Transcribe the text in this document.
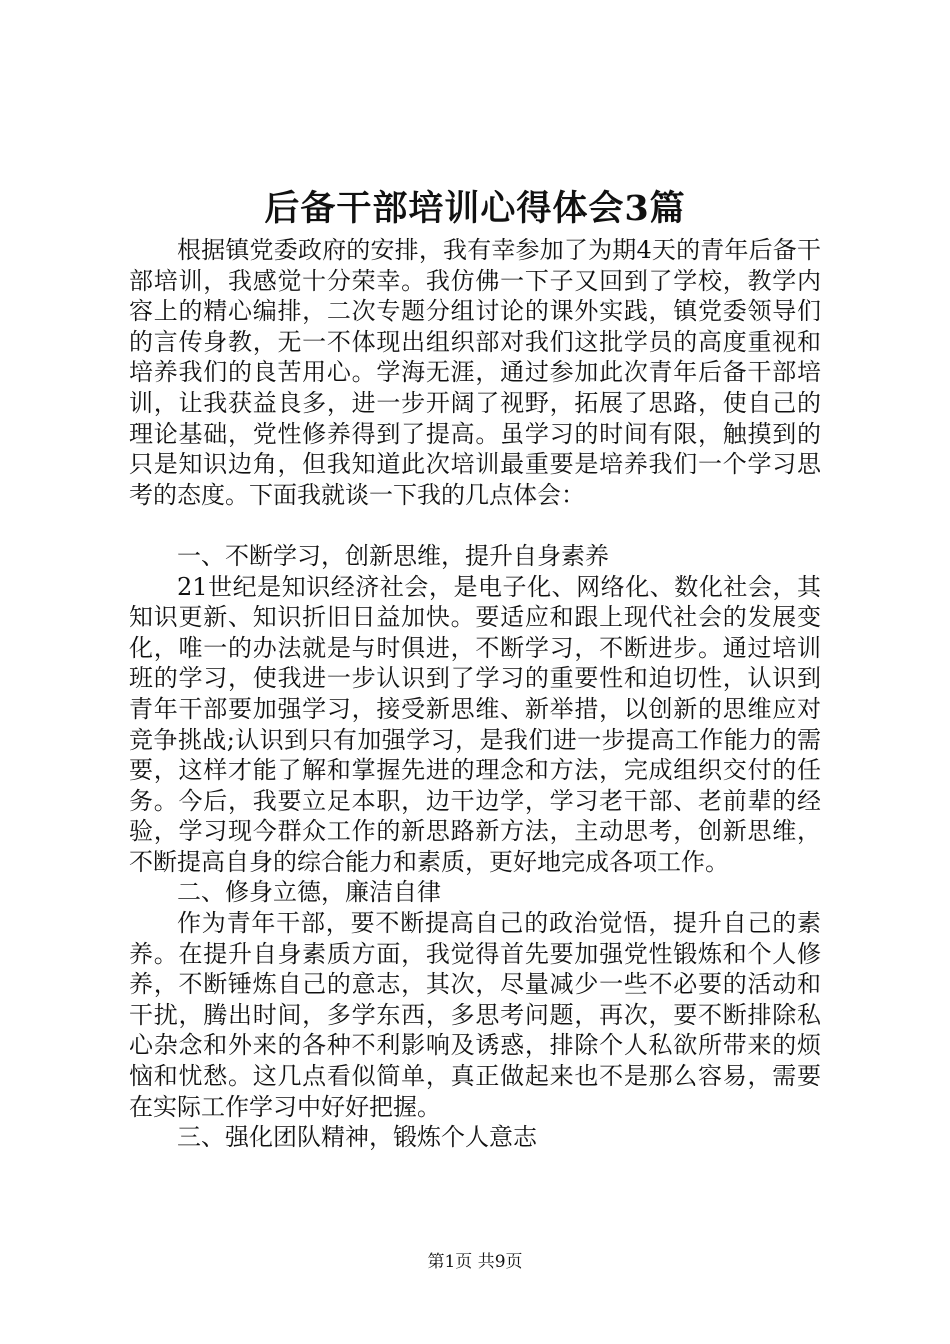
后备干部培训心得体会3篇

根据镇党委政府的安排，我有幸参加了为期4天的青年后备干部培训，我感觉十分荣幸。我仿佛一下子又回到了学校，教学内容上的精心编排，二次专题分组讨论的课外实践，镇党委领导们的言传身教，无一不体现出组织部对我们这批学员的高度重视和培养我们的良苦用心。学海无涯，通过参加此次青年后备干部培训，让我获益良多，进一步开阔了视野，拓展了思路，使自己的理论基础，党性修养得到了提高。虽学习的时间有限，触摸到的只是知识边角，但我知道此次培训最重要是培养我们一个学习思考的态度。下面我就谈一下我的几点体会：

一、不断学习，创新思维，提升自身素养

21世纪是知识经济社会，是电子化、网络化、数化社会，其知识更新、知识折旧日益加快。要适应和跟上现代社会的发展变化，唯一的办法就是与时俱进，不断学习，不断进步。通过培训班的学习，使我进一步认识到了学习的重要性和迫切性，认识到青年干部要加强学习，接受新思维、新举措，以创新的思维应对竞争挑战;认识到只有加强学习，是我们进一步提高工作能力的需要，这样才能了解和掌握先进的理念和方法，完成组织交付的任务。今后，我要立足本职，边干边学，学习老干部、老前辈的经验，学习现今群众工作的新思路新方法，主动思考，创新思维，不断提高自身的综合能力和素质，更好地完成各项工作。

二、修身立德，廉洁自律

作为青年干部，要不断提高自己的政治觉悟，提升自己的素养。在提升自身素质方面，我觉得首先要加强党性锻炼和个人修养，不断锤炼自己的意志，其次，尽量减少一些不必要的活动和干扰，腾出时间，多学东西，多思考问题，再次，要不断排除私心杂念和外来的各种不利影响及诱惑，排除个人私欲所带来的烦恼和忧愁。这几点看似简单，真正做起来也不是那么容易，需要在实际工作学习中好好把握。

三、强化团队精神，锻炼个人意志

第1页 共9页
